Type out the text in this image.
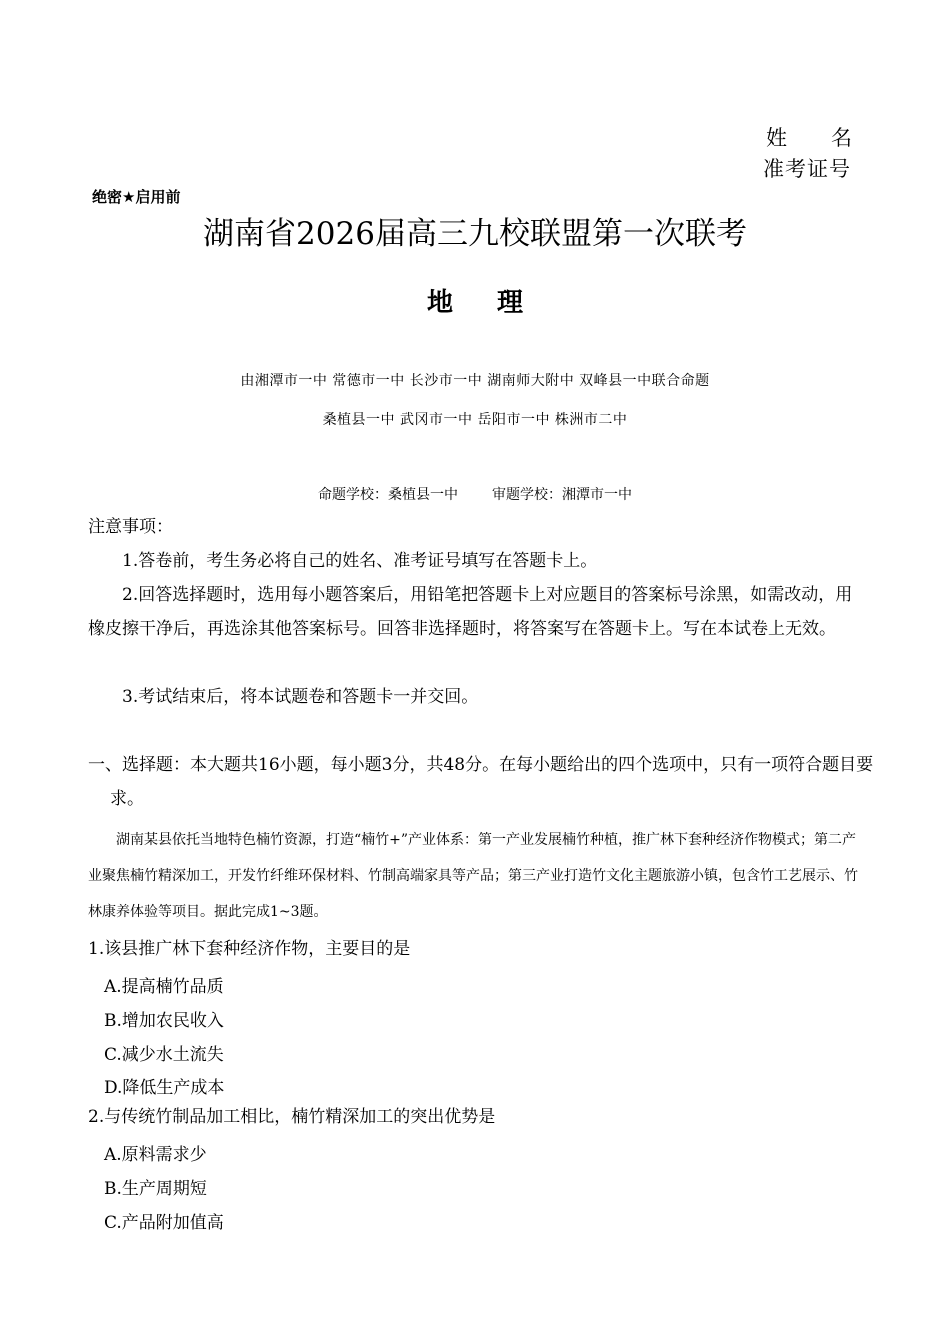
姓名
准考证号
绝密★启用前
湖南省2026届高三九校联盟第一次联考
地理
由湘潭市一中 常德市一中 长沙市一中 湖南师大附中 双峰县一中联合命题
桑植县一中 武冈市一中 岳阳市一中 株洲市二中
命题学校：桑植县一中 审题学校：湘潭市一中
注意事项：
1.答卷前，考生务必将自己的姓名、准考证号填写在答题卡上。
2.回答选择题时，选用每小题答案后，用铅笔把答题卡上对应题目的答案标号涂黑，如需改动，用橡皮擦干净后，再选涂其他答案标号。回答非选择题时，将答案写在答题卡上。写在本试卷上无效。
3.考试结束后，将本试题卷和答题卡一并交回。
一、选择题：本大题共16小题，每小题3分，共48分。在每小题给出的四个选项中，只有一项符合题目要求。
湖南某县依托当地特色楠竹资源，打造“楠竹+”产业体系：第一产业发展楠竹种植，推广林下套种经济作物模式；第二产业聚焦楠竹精深加工，开发竹纤维环保材料、竹制高端家具等产品；第三产业打造竹文化主题旅游小镇，包含竹工艺展示、竹林康养体验等项目。据此完成1~3题。
1.该县推广林下套种经济作物，主要目的是
A.提高楠竹品质
B.增加农民收入
C.减少水土流失
D.降低生产成本
2.与传统竹制品加工相比，楠竹精深加工的突出优势是
A.原料需求少
B.生产周期短
C.产品附加值高
